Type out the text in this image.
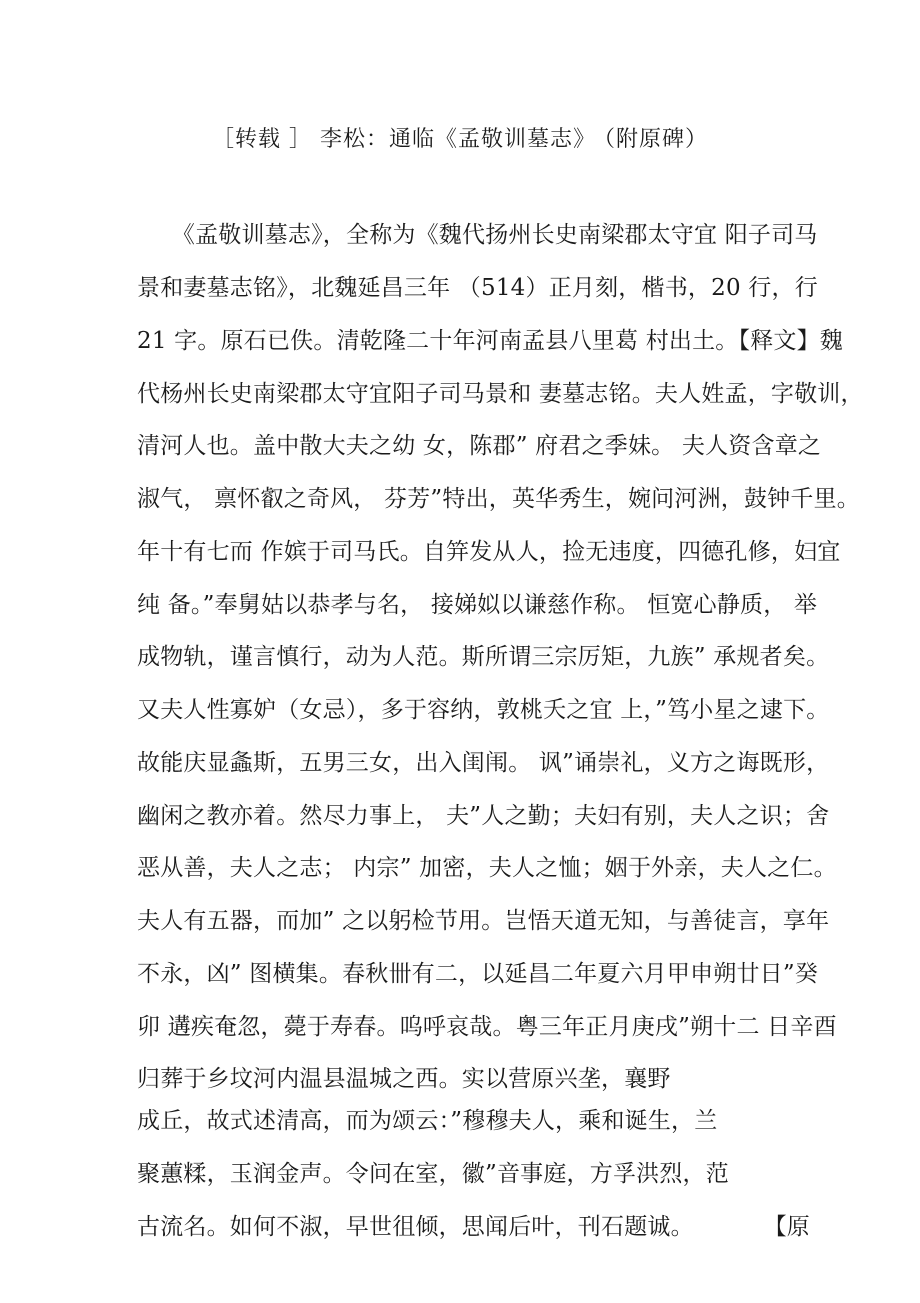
［转载 ］ 李松：通临《孟敬训墓志》 （附原碑）
　　《孟敬训墓志》，全称为《魏代扬州长史南梁郡太守宜 阳子司马
景和妻墓志铭》，北魏延昌三年 （514）正月刻，楷书，20 行，行
21 字。原石已佚。清乾隆二十年河南孟县八里葛 村出土。【释文】魏
代杨州长史南梁郡太守宜阳子司马景和 妻墓志铭。夫人姓孟，字敬训，
清河人也。盖中散大夫之幼 女，陈郡” 府君之季妹。 夫人资含章之
淑气， 禀怀叡之奇风， 芬芳”特出，英华秀生，婉问河洲，鼓钟千里。
年十有七而 作嫔于司马氏。自笄发从人，捡无违度，四德孔修，妇宜
纯 备。”奉舅姑以恭孝与名， 接娣姒以谦慈作称。 恒宽心静质， 举
成物轨，谨言慎行，动为人范。斯所谓三宗厉矩，九族” 承规者矣。
又夫人性寡妒（女忌），多于容纳，敦桃夭之宜 上，”笃小星之逮下。
故能庆显螽斯，五男三女，出入闺闱。 讽”诵崇礼，义方之诲既形，
幽闲之教亦着。然尽力事上， 夫”人之勤；夫妇有别，夫人之识；舍
恶从善，夫人之志； 内宗” 加密，夫人之恤；姻于外亲，夫人之仁。
夫人有五器，而加” 之以躬检节用。岂悟天道无知，与善徒言，享年
不永，凶” 图横集。春秋卌有二，以延昌二年夏六月甲申朔廿日”癸
卯 遘疾奄忽，薨于寿春。呜呼哀哉。粤三年正月庚戌”朔十二 日辛酉
归葬于乡坟河内温县温城之西。实以营原兴垄，襄野
成丘，故式述清高，而为颂云：”穆穆夫人，乘和诞生，兰
聚蕙糅，玉润金声。令问在室，徽”音事庭，方孚洪烈，范
古流名。如何不淑，早世徂倾，思闻后叶，刊石题诚。　　　　【原
